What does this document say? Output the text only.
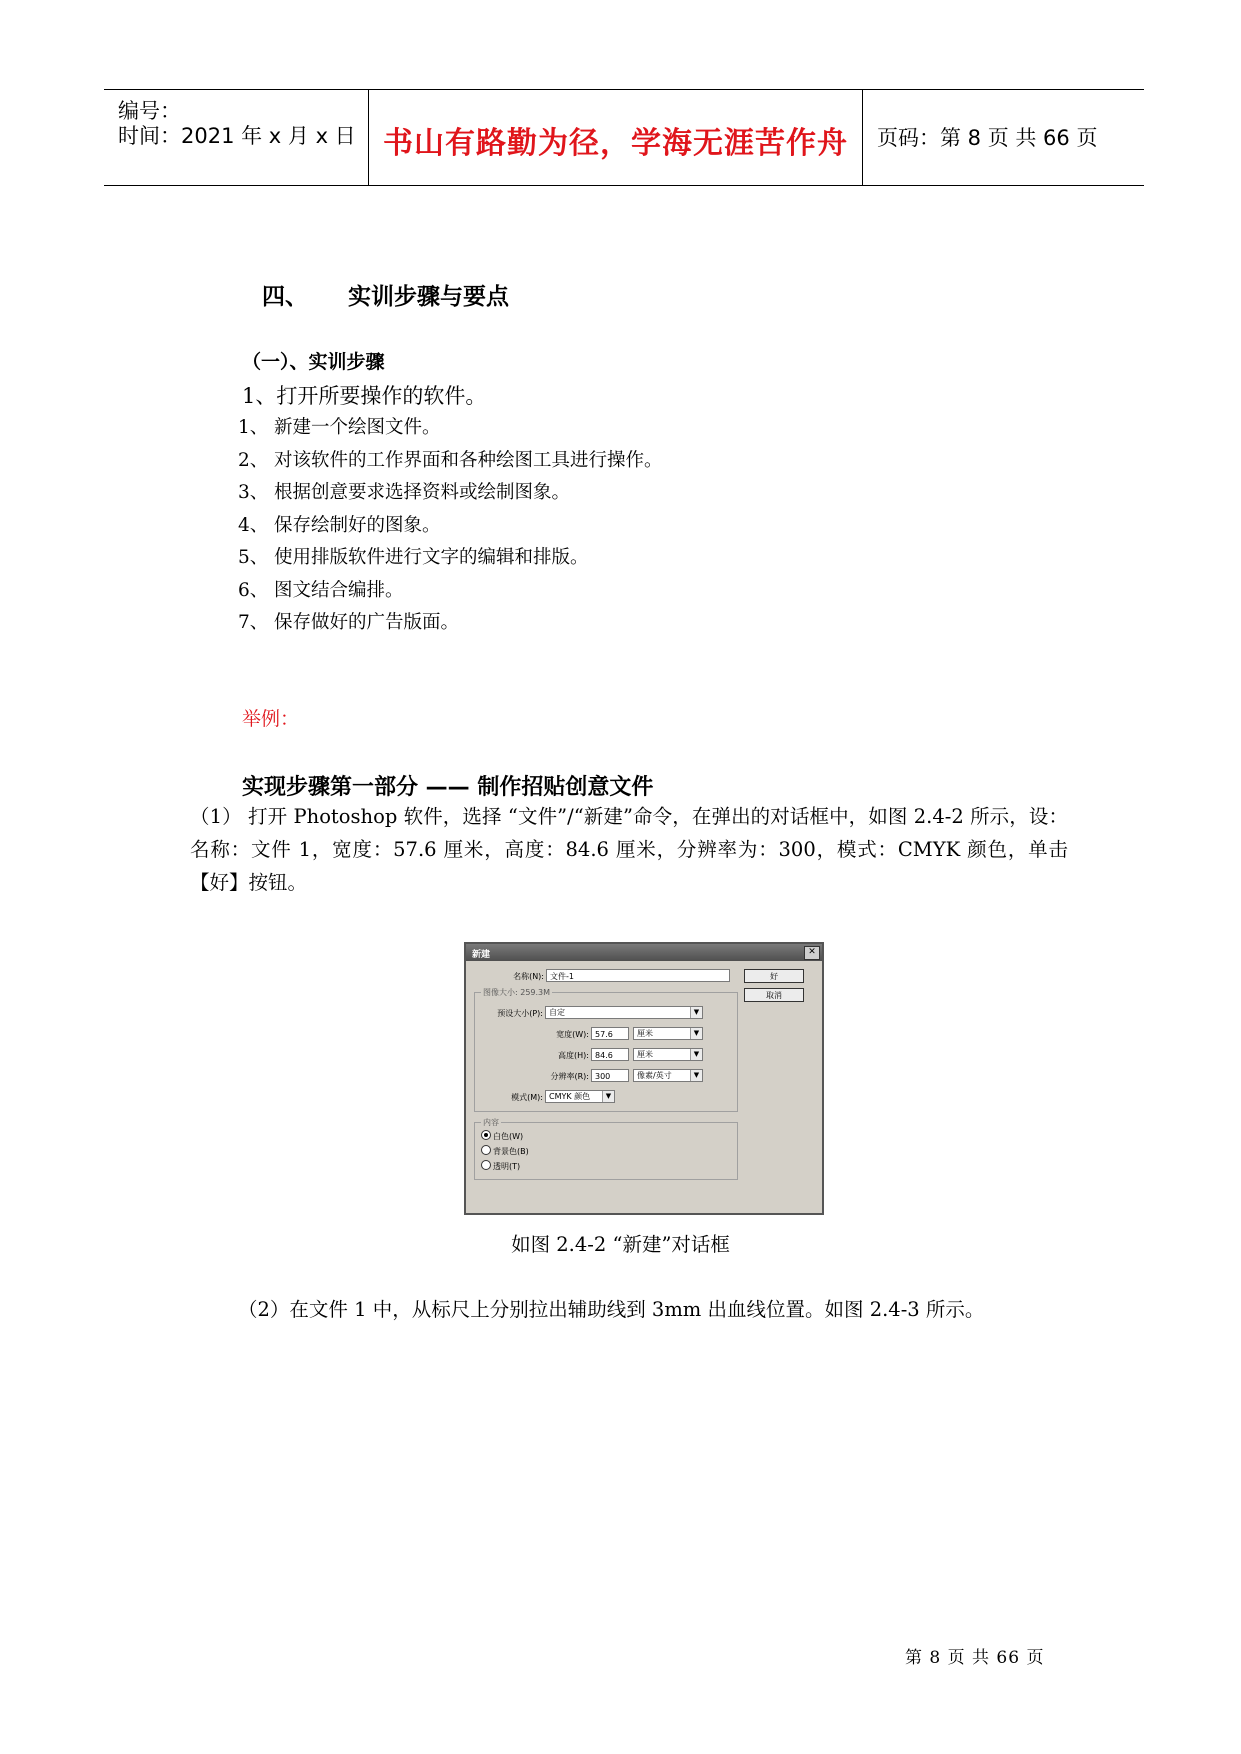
编号：
时间：2021 年 x 月 x 日 书山有路勤为径，学海无涯苦作舟	页码：第 8 页 共 66 页
四、 实训步骤与要点
（一）、实训步骤
1、打开所要操作的软件。
1、 新建一个绘图文件。
2、 对该软件的工作界面和各种绘图工具进行操作。
3、 根据创意要求选择资料或绘制图象。
4、 保存绘制好的图象。
5、 使用排版软件进行文字的编辑和排版。
6、 图文结合编排。
7、 保存做好的广告版面。
举例：
实现步骤第一部分 —— 制作招贴创意文件
（1） 打开 Photoshop 软件，选择 “文件”/“新建”命令，在弹出的对话框中，如图 2.4-2 所示，设：名称：文件 1，宽度：57.6 厘米，高度：84.6 厘米，分辨率为：300，模式：CMYK 颜色，单击【好】按钮。
新建	✕
名称(N): 文件-1	好
取消
图像大小: 259.3M
预设大小(P): 自定	▼
宽度(W): 57.6	厘米	▼
高度(H): 84.6	厘米	▼
分辨率(R): 300	像素/英寸	▼
模式(M): CMYK 颜色	▼
内容
白色(W)
背景色(B)
透明(T)
如图 2.4-2 “新建”对话框
（2）在文件 1 中，从标尺上分别拉出辅助线到 3mm 出血线位置。如图 2.4-3 所示。
第 8 页 共 66 页
